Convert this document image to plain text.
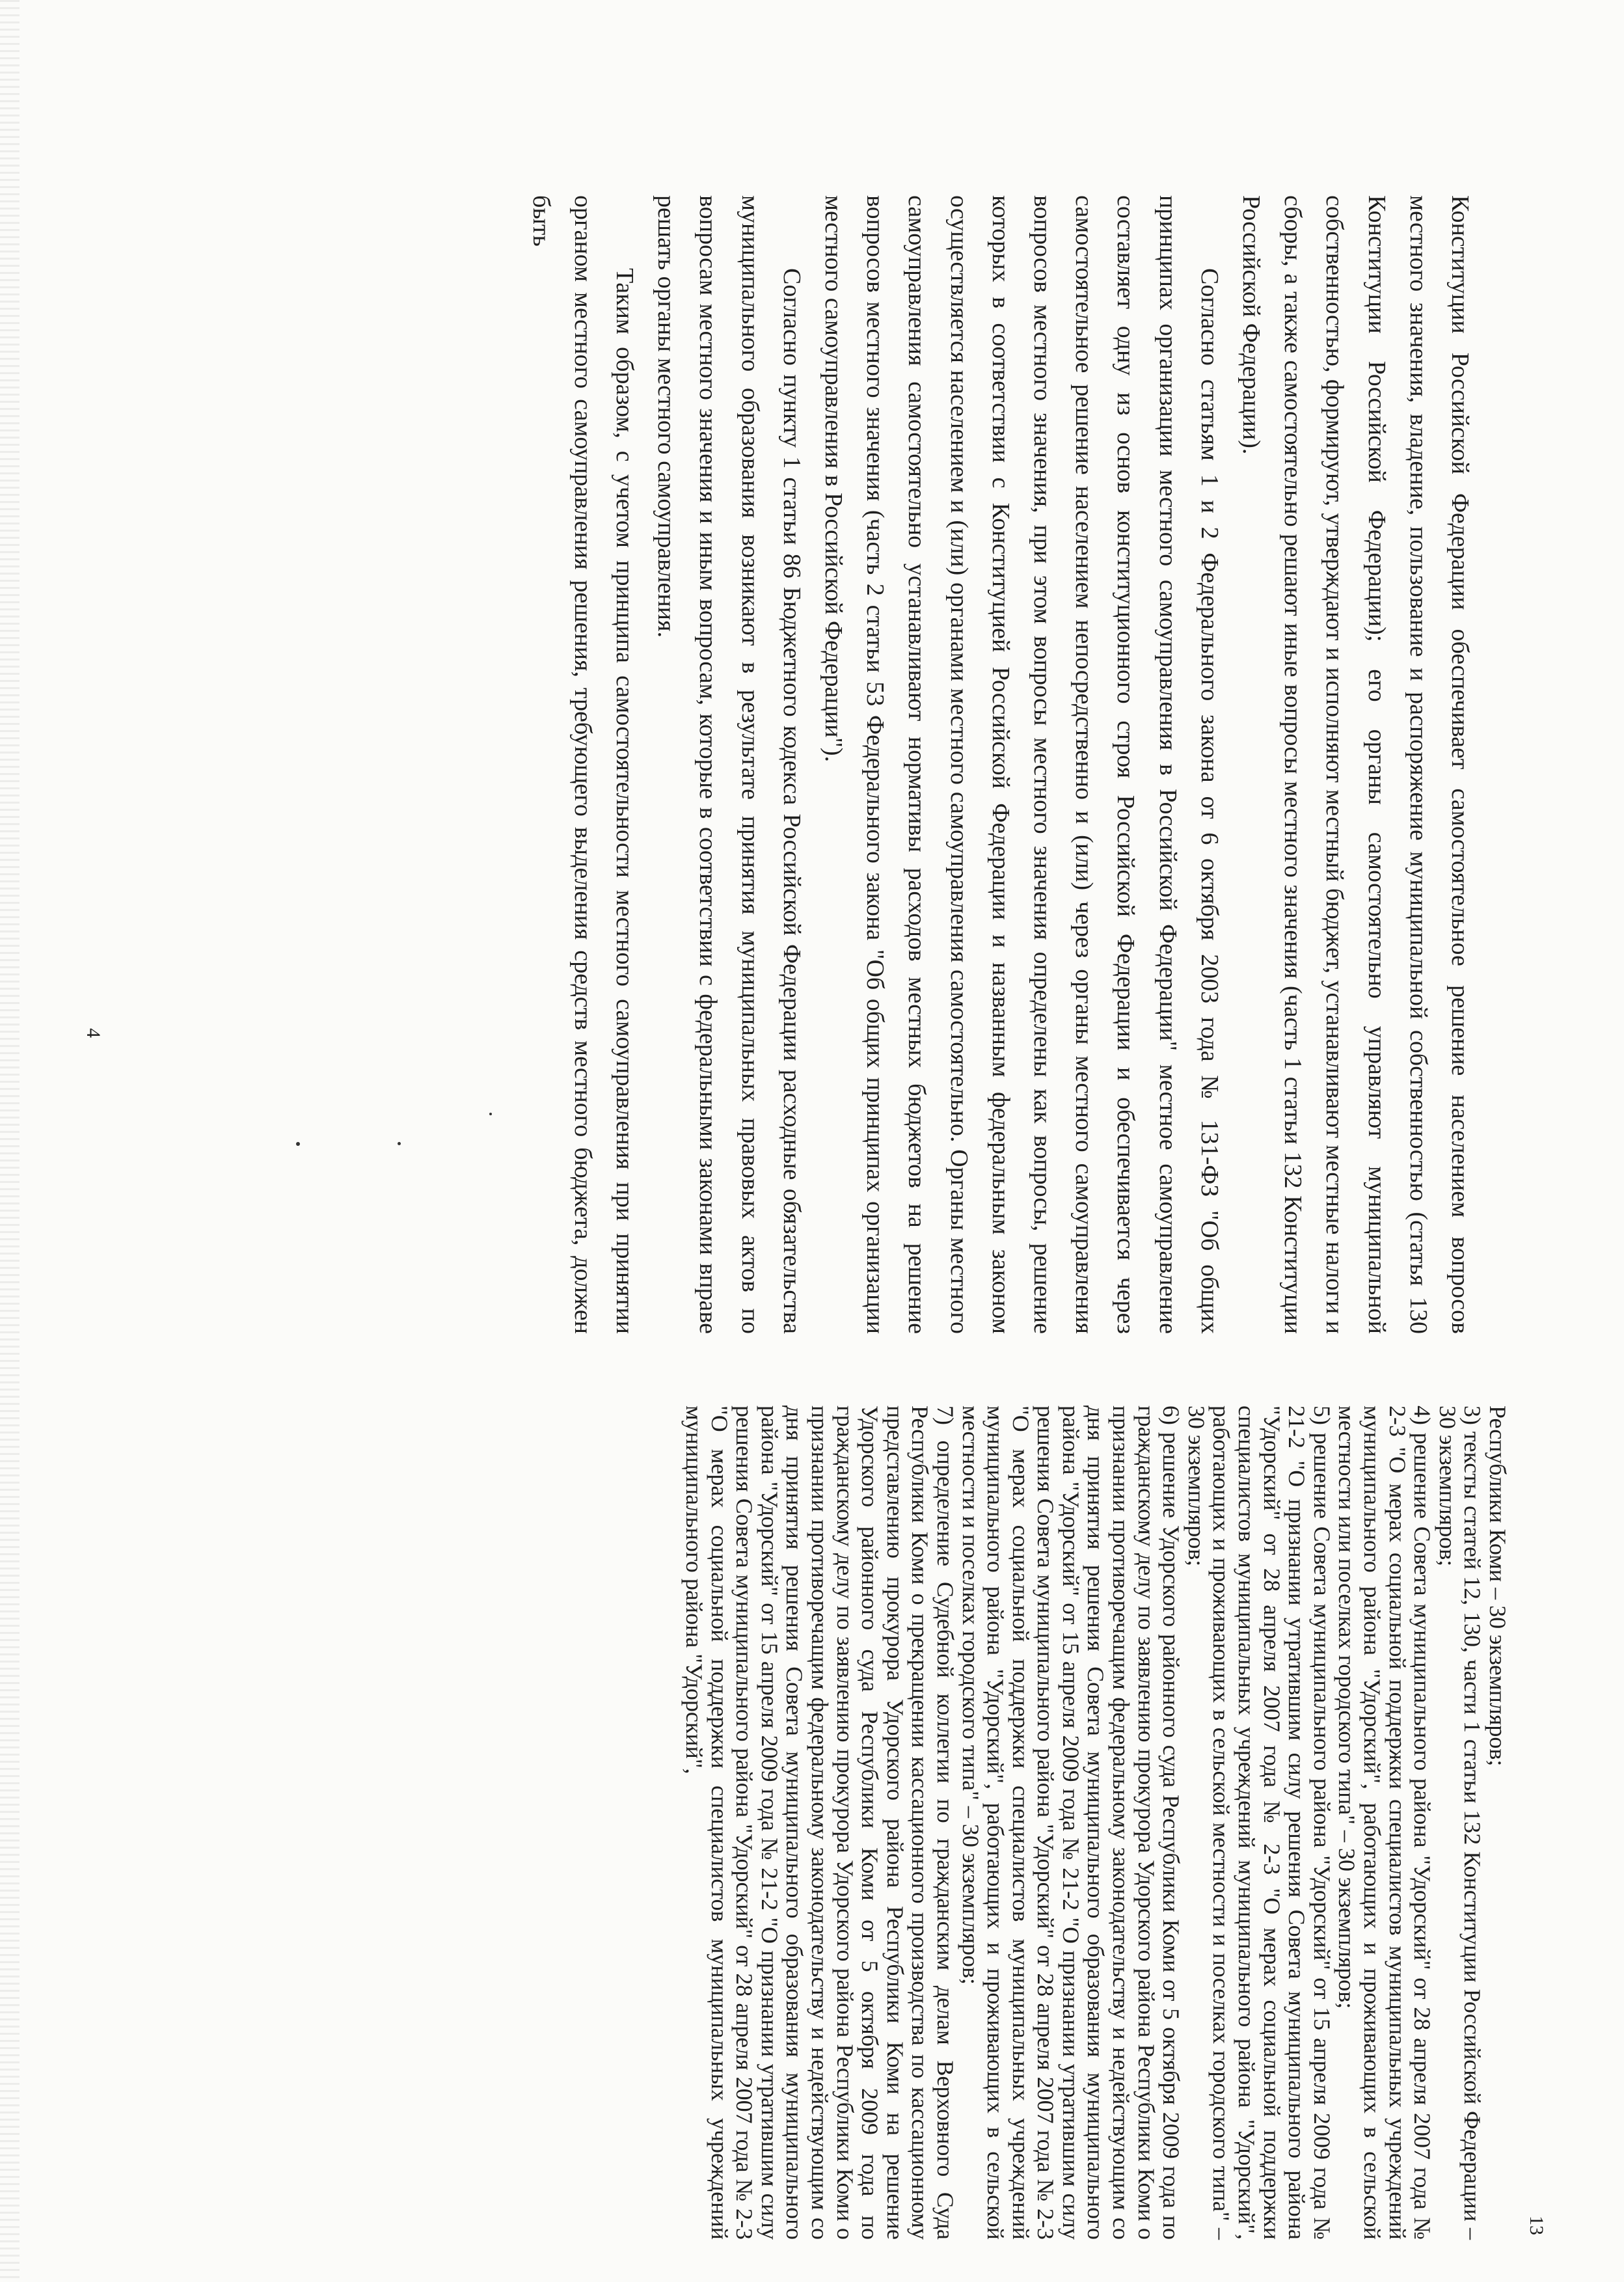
4	Конституции Российской Федерации обеспечивает самостоятельное решение населением вопросов местного значения, владение, пользование и распоряжение муниципальной собственностью (статья 130 Конституции Российской Федерации); его органы самостоятельно управляют муниципальной собственностью, формируют, утверждают и исполняют местный бюджет, устанавливают местные налоги и сборы, а также самостоятельно решают иные вопросы местного значения (часть 1 статьи 132 Конституции Российской Федерации).

Согласно статьям 1 и 2 Федерального закона от 6 октября 2003 года № 131-ФЗ "Об общих принципах организации местного самоуправления в Российской Федерации" местное самоуправление составляет одну из основ конституционного строя Российской Федерации и обеспечивается через самостоятельное решение населением непосредственно и (или) через органы местного самоуправления вопросов местного значения, при этом вопросы местного значения определены как вопросы, решение которых в соответствии с Конституцией Российской Федерации и названным федеральным законом осуществляется населением и (или) органами местного самоуправления самостоятельно. Органы местного самоуправления самостоятельно устанавливают нормативы расходов местных бюджетов на решение вопросов местного значения (часть 2 статьи 53 Федерального закона "Об общих принципах организации местного самоуправления в Российской Федерации").

Согласно пункту 1 статьи 86 Бюджетного кодекса Российской Федерации расходные обязательства муниципального образования возникают в результате принятия муниципальных правовых актов по вопросам местного значения и иным вопросам, которые в соответствии с федеральными законами вправе решать органы местного самоуправления.

Таким образом, с учетом принципа самостоятельности местного самоуправления при принятии органом местного самоуправления решения, требующего выделения средств местного бюджета, должен быть

13

Республики Коми – 30 экземпляров;

3) тексты статей 12, 130, части 1 статьи 132 Конституции Российской Федерации – 30 экземпляров;

4) решение Совета муниципального района "Удорский" от 28 апреля 2007 года № 2-3 "О мерах социальной поддержки специалистов муниципальных учреждений муниципального района "Удорский", работающих и проживающих в сельской местности или поселках городского типа" – 30 экземпляров;

5) решение Совета муниципального района "Удорский" от 15 апреля 2009 года № 21-2 "О признании утратившим силу решения Совета муниципального района "Удорский" от 28 апреля 2007 года № 2-3 "О мерах социальной поддержки специалистов муниципальных учреждений муниципального района "Удорский", работающих и проживающих в сельской местности и поселках городского типа" – 30 экземпляров;

6) решение Удорского районного суда Республики Коми от 5 октября 2009 года по гражданскому делу по заявлению прокурора Удорского района Республики Коми о признании противоречащим федеральному законодательству и недействующим со дня принятия решения Совета муниципального образования муниципального района "Удорский" от 15 апреля 2009 года № 21-2 "О признании утратившим силу решения Совета муниципального района "Удорский" от 28 апреля 2007 года № 2-3 "О мерах социальной поддержки специалистов муниципальных учреждений муниципального района "Удорский", работающих и проживающих в сельской местности и поселках городского типа" – 30 экземпляров;

7) определение Судебной коллегии по гражданским делам Верховного Суда Республики Коми о прекращении кассационного производства по кассационному представлению прокурора Удорского района Республики Коми на решение Удорского районного суда Республики Коми от 5 октября 2009 года по гражданскому делу по заявлению прокурора Удорского района Республики Коми о признании противоречащим федеральному законодательству и недействующим со дня принятия решения Совета муниципального образования муниципального района "Удорский" от 15 апреля 2009 года № 21-2 "О признании утратившим силу решения Совета муниципального района "Удорский" от 28 апреля 2007 года № 2-3 "О мерах социальной поддержки специалистов муниципальных учреждений муниципального района "Удорский",
